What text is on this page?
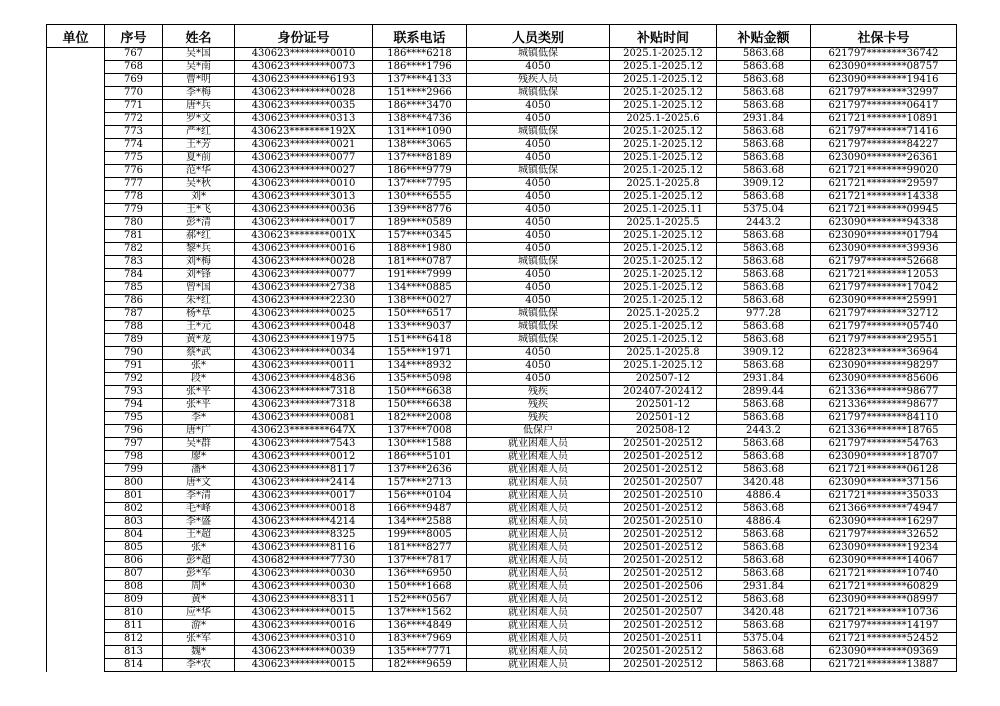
单位	序号	姓名	身份证号	联系电话	人员类别	补贴时间	补贴金额	社保卡号
	767	吴*国	430623********0010	186****6218	城镇低保	2025.1-2025.12	5863.68	621797********36742
	768	吴*南	430623********0073	186****1796	4050	2025.1-2025.12	5863.68	623090********08757
	769	曹*明	430623********6193	137****4133	残疾人员	2025.1-2025.12	5863.68	623090********19416
	770	李*梅	430623********0028	151****2966	城镇低保	2025.1-2025.12	5863.68	621797********32997
	771	唐*兵	430623********0035	186****3470	4050	2025.1-2025.12	5863.68	621797********06417
	772	罗*文	430623********0313	138****4736	4050	2025.1-2025.6	2931.84	621721********10891
	773	严*红	430623********192X	131****1090	城镇低保	2025.1-2025.12	5863.68	621797********71416
	774	王*芳	430623********0021	138****3065	4050	2025.1-2025.12	5863.68	621797********84227
	775	夏*前	430623********0077	137****8189	4050	2025.1-2025.12	5863.68	623090********26361
	776	范*华	430623********0027	186****9779	城镇低保	2025.1-2025.12	5863.68	621721********99020
	777	吴*秋	430623********0010	137****7795	4050	2025.1-2025.8	3909.12	621721********29597
	778	刘*	430623********3013	130****6555	4050	2025.1-2025.12	5863.68	621721********14338
	779	王*飞	430623********0036	139****8776	4050	2025.1-2025.11	5375.04	621721********09945
	780	彭*清	430623********0017	189****0589	4050	2025.1-2025.5	2443.2	623090********94338
	781	郝*红	430623********001X	157****0345	4050	2025.1-2025.12	5863.68	623090********01794
	782	黎*兵	430623********0016	188****1980	4050	2025.1-2025.12	5863.68	623090********39936
	783	刘*梅	430623********0028	181****0787	城镇低保	2025.1-2025.12	5863.68	621797********52668
	784	刘*锋	430623********0077	191****7999	4050	2025.1-2025.12	5863.68	621721********12053
	785	曾*国	430623********2738	134****0885	4050	2025.1-2025.12	5863.68	621797********17042
	786	朱*红	430623********2230	138****0027	4050	2025.1-2025.12	5863.68	623090********25991
	787	杨*草	430623********0025	150****6517	城镇低保	2025.1-2025.2	977.28	621797********32712
	788	王*元	430623********0048	133****9037	城镇低保	2025.1-2025.12	5863.68	621797********05740
	789	黄*龙	430623********1975	151****6418	城镇低保	2025.1-2025.12	5863.68	621797********29551
	790	蔡*武	430623********0034	155****1971	4050	2025.1-2025.8	3909.12	622823********36964
	791	张*	430623********0011	134****8932	4050	2025.1-2025.12	5863.68	623090********98297
	792	段*	430623********4836	135****5098	4050	202507-12	2931.84	623090********85606
	793	张*平	430623********7318	150****6638	残疾	202407-202412	2899.44	621336********98677
	794	张*平	430623********7318	150****6638	残疾	202501-12	5863.68	621336********98677
	795	李*	430623********0081	182****2008	残疾	202501-12	5863.68	621797********84110
	796	唐*广	430623********647X	137****7008	低保户	202508-12	2443.2	621336********18765
	797	吴*群	430623********7543	130****1588	就业困难人员	202501-202512	5863.68	621797********54763
	798	廖*	430623********0012	186****5101	就业困难人员	202501-202512	5863.68	623090********18707
	799	潘*	430623********8117	137****2636	就业困难人员	202501-202512	5863.68	621721********06128
	800	唐*文	430623********2414	157****2713	就业困难人员	202501-202507	3420.48	623090********37156
	801	李*清	430623********0017	156****0104	就业困难人员	202501-202510	4886.4	621721********35033
	802	毛*峰	430623********0018	166****9487	就业困难人员	202501-202512	5863.68	621366********74947
	803	李*盛	430623********4214	134****2588	就业困难人员	202501-202510	4886.4	623090********16297
	804	王*超	430623********8325	199****8005	就业困难人员	202501-202512	5863.68	621797********32652
	805	张*	430623********8116	181****8277	就业困难人员	202501-202512	5863.68	623090********19234
	806	彭*超	430682********7730	137****7817	就业困难人员	202501-202512	5863.68	623090********14067
	807	彭*军	430623********0030	136****6950	就业困难人员	202501-202512	5863.68	621721********10740
	808	周*	430623********0030	150****1668	就业困难人员	202501-202506	2931.84	621721********60829
	809	黄*	430623********8311	152****0567	就业困难人员	202501-202512	5863.68	623090********08997
	810	应*华	430623********0015	137****1562	就业困难人员	202501-202507	3420.48	621721********10736
	811	游*	430623********0016	136****4849	就业困难人员	202501-202512	5863.68	621797********14197
	812	张*军	430623********0310	183****7969	就业困难人员	202501-202511	5375.04	621721********52452
	813	魏*	430623********0039	135****7771	就业困难人员	202501-202512	5863.68	623090********09369
	814	李*农	430623********0015	182****9659	就业困难人员	202501-202512	5863.68	621721********13887
